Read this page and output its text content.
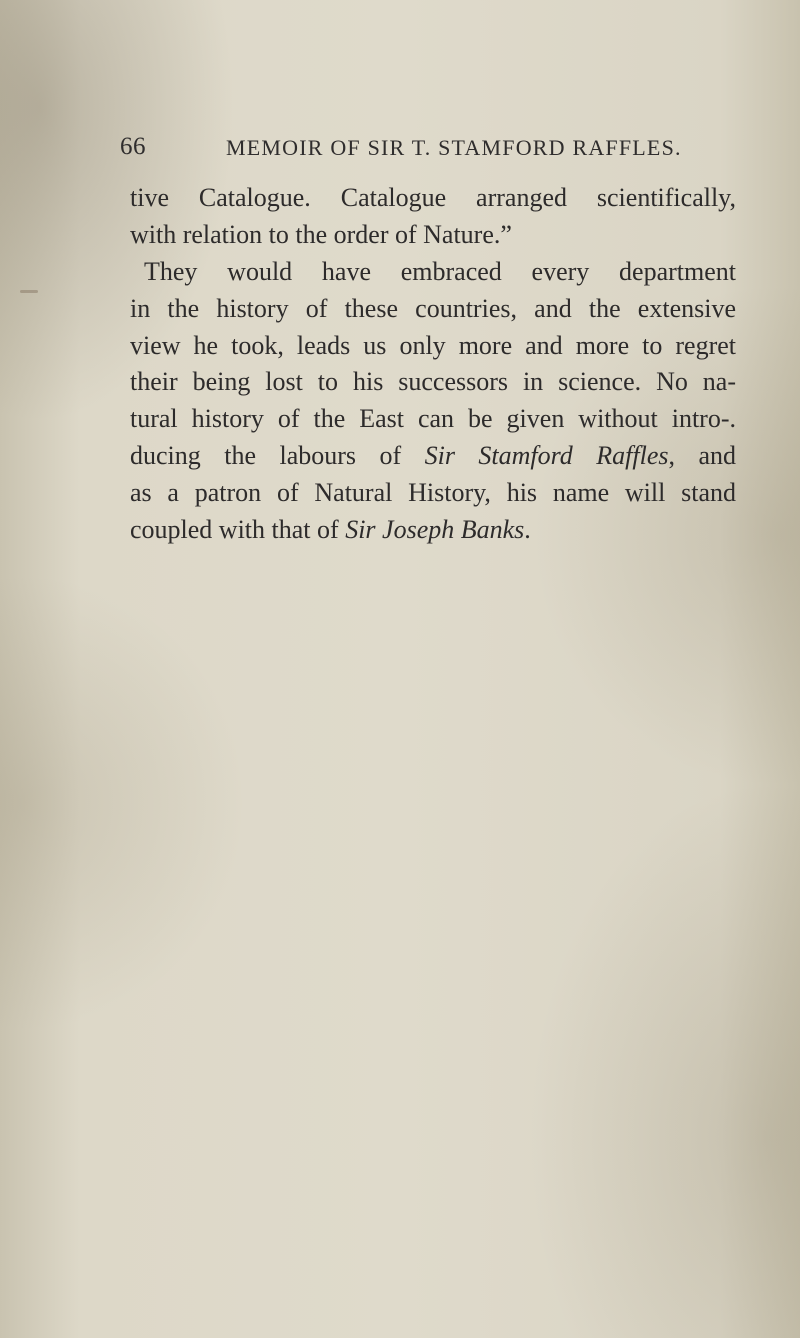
66	MEMOIR OF SIR T. STAMFORD RAFFLES.
tive Catalogue. Catalogue arranged scientifically,
with relation to the order of Nature.”
They would have embraced every department
in the history of these countries, and the extensive
view he took, leads us only more and more to regret
their being lost to his successors in science. No na-
tural history of the East can be given without intro-.
ducing the labours of Sir Stamford Raffles, and
as a patron of Natural History, his name will stand
coupled with that of Sir Joseph Banks.
